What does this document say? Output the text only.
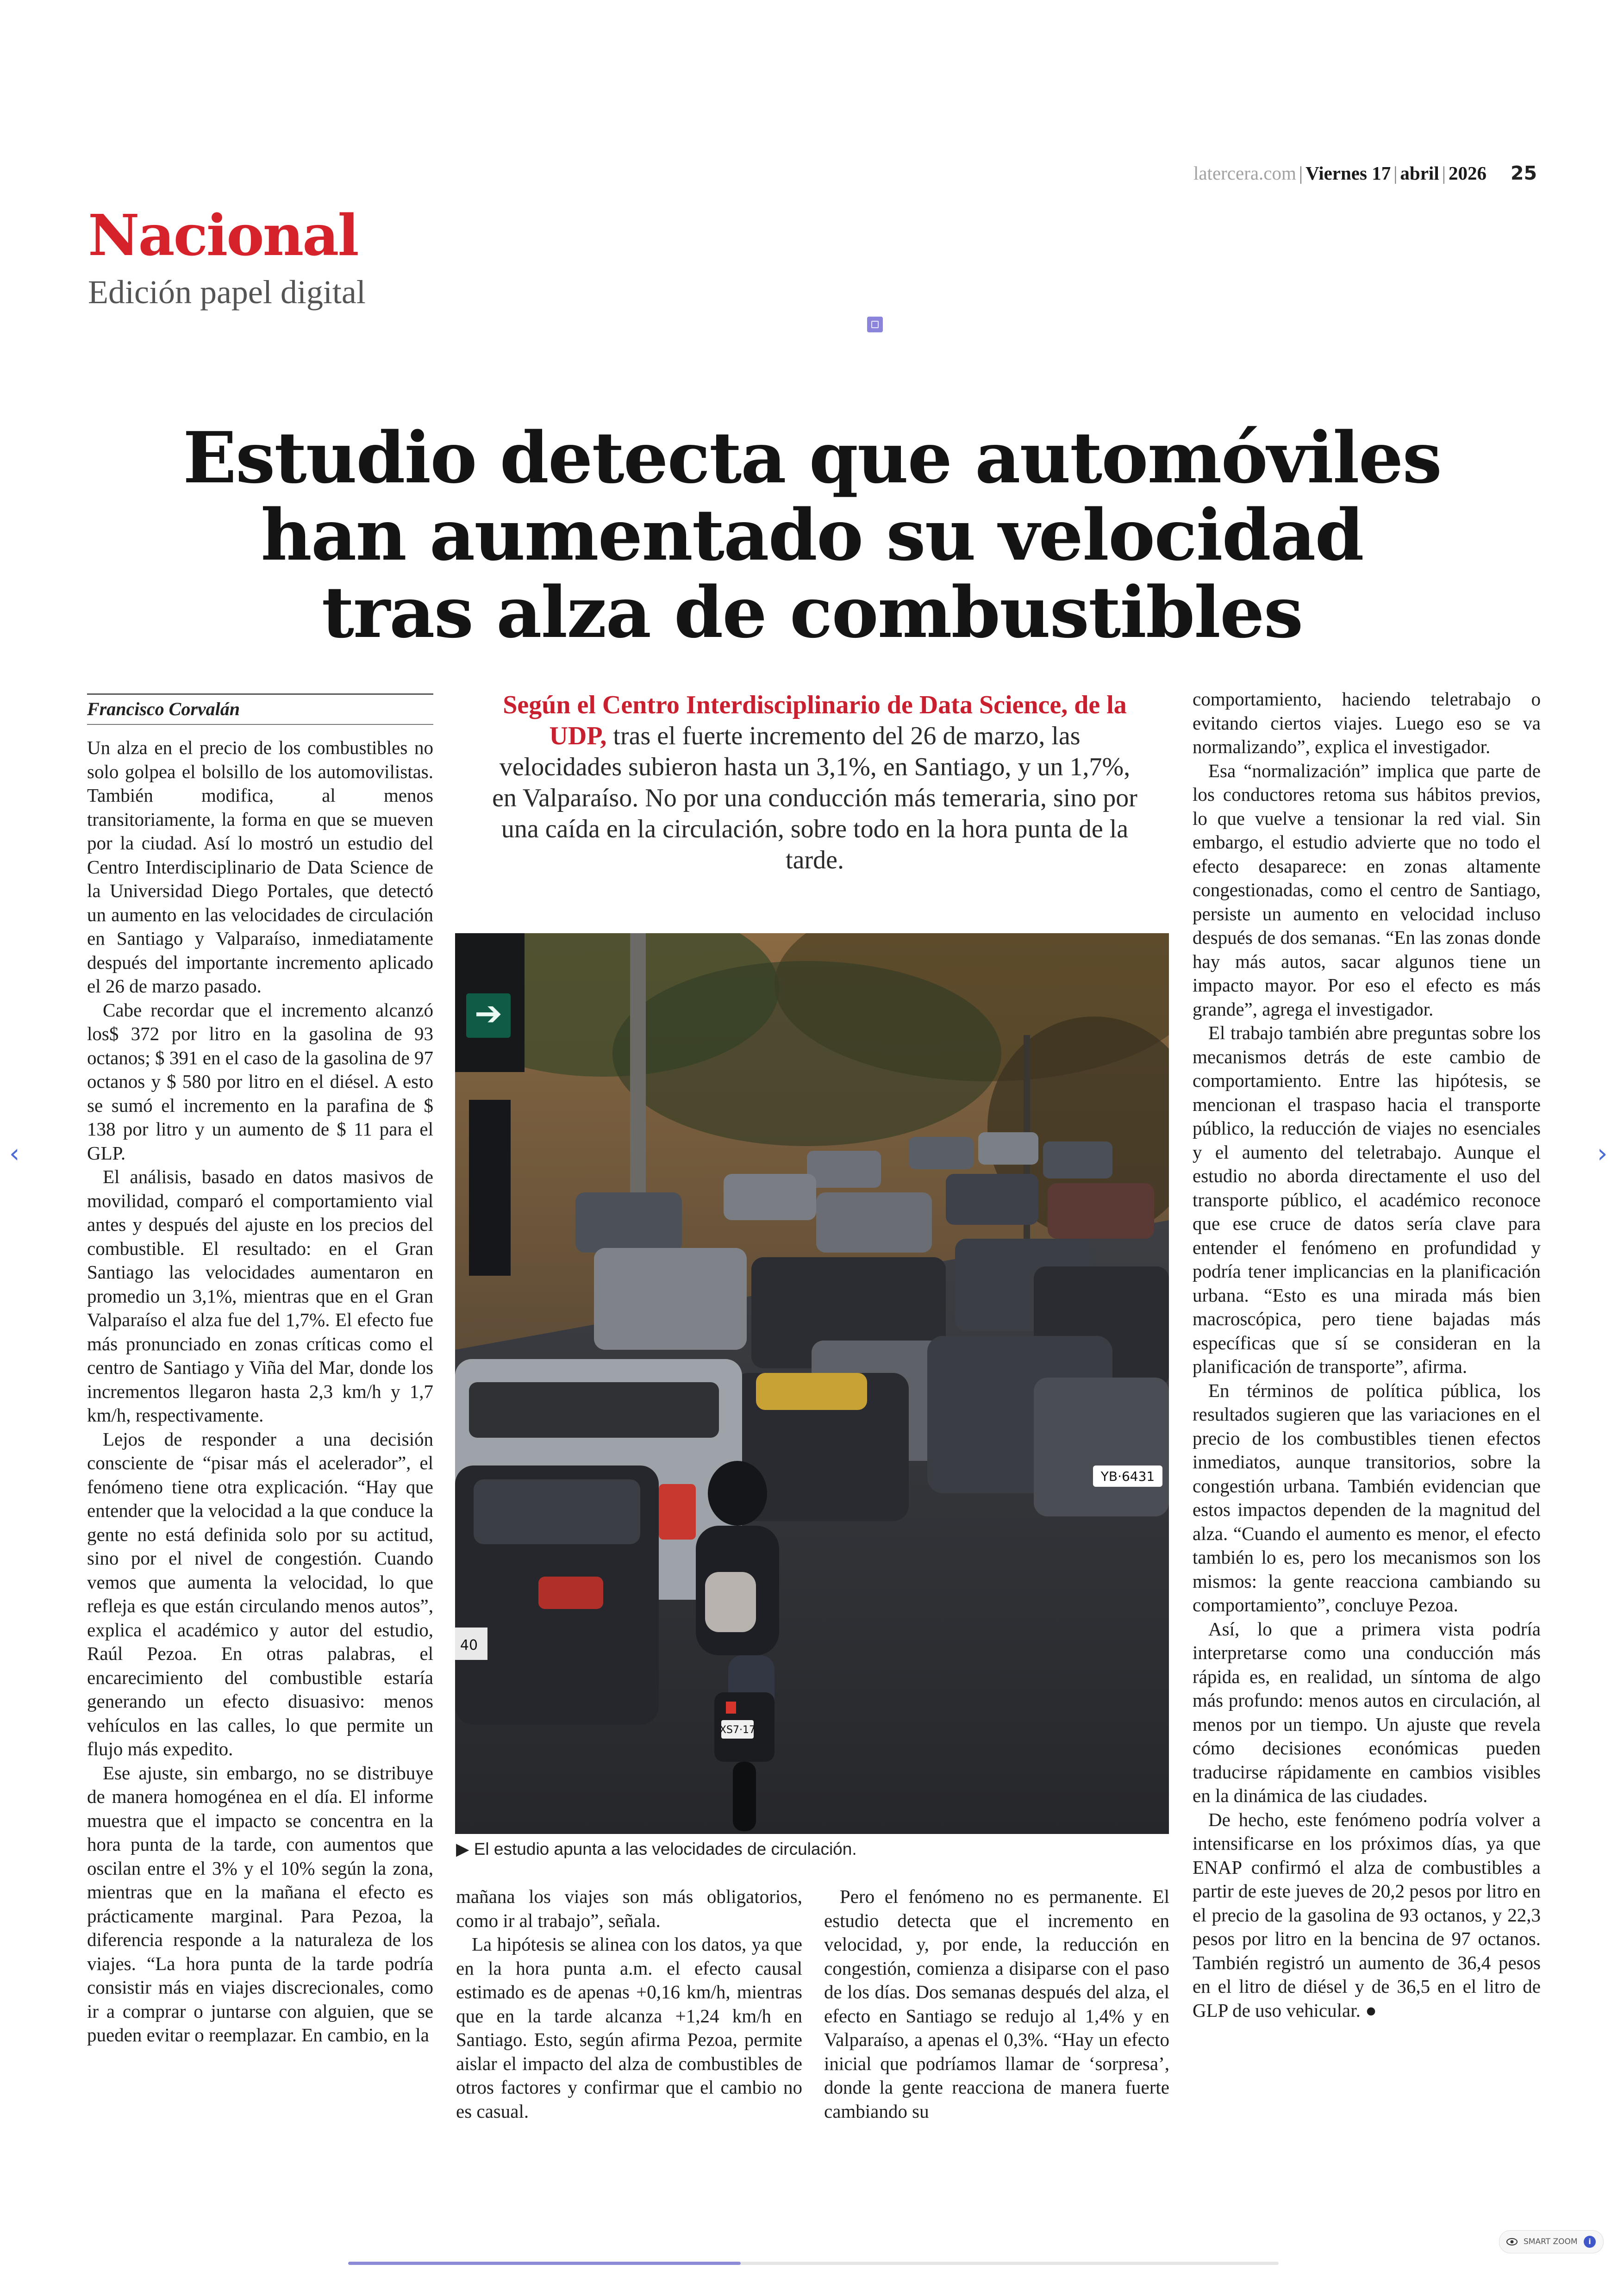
latercera.com | Viernes 17 | abril | 2026 25
Nacional
Edición papel digital
Estudio detecta que automóviles
han aumentado su velocidad
tras alza de combustibles
Francisco Corvalán	Según el Centro Interdisciplinario de Data Science, de la UDP, tras el fuerte incremento del 26 de marzo, las velocidades subieron hasta un 3,1%, en Santiago, y un 1,7%, en Valparaíso. No por una conducción más temeraria, sino por una caída en la circulación, sobre todo en la hora punta de la tarde.

Un alza en el precio de los combustibles no solo golpea el bolsillo de los automovilistas. También modifica, al menos transitoriamente, la forma en que se mueven por la ciudad. Así lo mostró un estudio del Centro Interdisciplinario de Data Science de la Universidad Diego Portales, que detectó un aumento en las velocidades de circulación en Santiago y Valparaíso, inmediatamente después del importante incremento aplicado el 26 de marzo pasado.

Cabe recordar que el incremento alcanzó los$ 372 por litro en la gasolina de 93 octanos; $ 391 en el caso de la gasolina de 97 octanos y $ 580 por litro en el diésel. A esto se sumó el incremento en la parafina de $ 138 por litro y un aumento de $ 11 para el GLP.

El análisis, basado en datos masivos de movilidad, comparó el comportamiento vial antes y después del ajuste en los precios del combustible. El resultado: en el Gran Santiago las velocidades aumentaron en promedio un 3,1%, mientras que en el Gran Valparaíso el alza fue del 1,7%. El efecto fue más pronunciado en zonas críticas como el centro de Santiago y Viña del Mar, donde los incrementos llegaron hasta 2,3 km/h y 1,7 km/h, respectivamente.

Lejos de responder a una decisión consciente de “pisar más el acelerador”, el fenómeno tiene otra explicación. “Hay que entender que la velocidad a la que conduce la gente no está definida solo por su actitud, sino por el nivel de congestión. Cuando vemos que aumenta la velocidad, lo que refleja es que están circulando menos autos”, explica el académico y autor del estudio, Raúl Pezoa. En otras palabras, el encarecimiento del combustible estaría generando un efecto disuasivo: menos vehículos en las calles, lo que permite un flujo más expedito.

Ese ajuste, sin embargo, no se distribuye de manera homogénea en el día. El informe muestra que el impacto se concentra en la hora punta de la tarde, con aumentos que oscilan entre el 3% y el 10% según la zona, mientras que en la mañana el efecto es prácticamente marginal. Para Pezoa, la diferencia responde a la naturaleza de los viajes. “La hora punta de la tarde podría consistir más en viajes discrecionales, como ir a comprar o juntarse con alguien, que se pueden evitar o reemplazar. En cambio, en la

➔
YB·6431
40
XS7·17
▶ El estudio apunta a las velocidades de circulación.

mañana los viajes son más obligatorios, como ir al trabajo”, señala.

La hipótesis se alinea con los datos, ya que en la hora punta a.m. el efecto causal estimado es de apenas +0,16 km/h, mientras que en la tarde alcanza +1,24 km/h en Santiago. Esto, según afirma Pezoa, permite aislar el impacto del alza de combustibles de otros factores y confirmar que el cambio no es casual.

Pero el fenómeno no es permanente. El estudio detecta que el incremento en velocidad, y, por ende, la reducción en congestión, comienza a disiparse con el paso de los días. Dos semanas después del alza, el efecto en Santiago se redujo al 1,4% y en Valparaíso, a apenas el 0,3%. “Hay un efecto inicial que podríamos llamar de ‘sorpresa’, donde la gente reacciona de manera fuerte cambiando su

comportamiento, haciendo teletrabajo o evitando ciertos viajes. Luego eso se va normalizando”, explica el investigador.

Esa “normalización” implica que parte de los conductores retoma sus hábitos previos, lo que vuelve a tensionar la red vial. Sin embargo, el estudio advierte que no todo el efecto desaparece: en zonas altamente congestionadas, como el centro de Santiago, persiste un aumento en velocidad incluso después de dos semanas. “En las zonas donde hay más autos, sacar algunos tiene un impacto mayor. Por eso el efecto es más grande”, agrega el investigador.

El trabajo también abre preguntas sobre los mecanismos detrás de este cambio de comportamiento. Entre las hipótesis, se mencionan el traspaso hacia el transporte público, la reducción de viajes no esenciales y el aumento del teletrabajo. Aunque el estudio no aborda directamente el uso del transporte público, el académico reconoce que ese cruce de datos sería clave para entender el fenómeno en profundidad y podría tener implicancias en la planificación urbana. “Esto es una mirada más bien macroscópica, pero tiene bajadas más específicas que sí se consideran en la planificación de transporte”, afirma.

En términos de política pública, los resultados sugieren que las variaciones en el precio de los combustibles tienen efectos inmediatos, aunque transitorios, sobre la congestión urbana. También evidencian que estos impactos dependen de la magnitud del alza. “Cuando el aumento es menor, el efecto también lo es, pero los mecanismos son los mismos: la gente reacciona cambiando su comportamiento”, concluye Pezoa.

Así, lo que a primera vista podría interpretarse como una conducción más rápida es, en realidad, un síntoma de algo más profundo: menos autos en circulación, al menos por un tiempo. Un ajuste que revela cómo decisiones económicas pueden traducirse rápidamente en cambios visibles en la dinámica de las ciudades.

De hecho, este fenómeno podría volver a intensificarse en los próximos días, ya que ENAP confirmó el alza de combustibles a partir de este jueves de 20,2 pesos por litro en el precio de la gasolina de 93 octanos, y 22,3 pesos por litro en la bencina de 97 octanos. También registró un aumento de 36,4 pesos en el litro de diésel y de 36,5 en el litro de GLP de uso vehicular. ●

‹	›
SMART ZOOM	i
